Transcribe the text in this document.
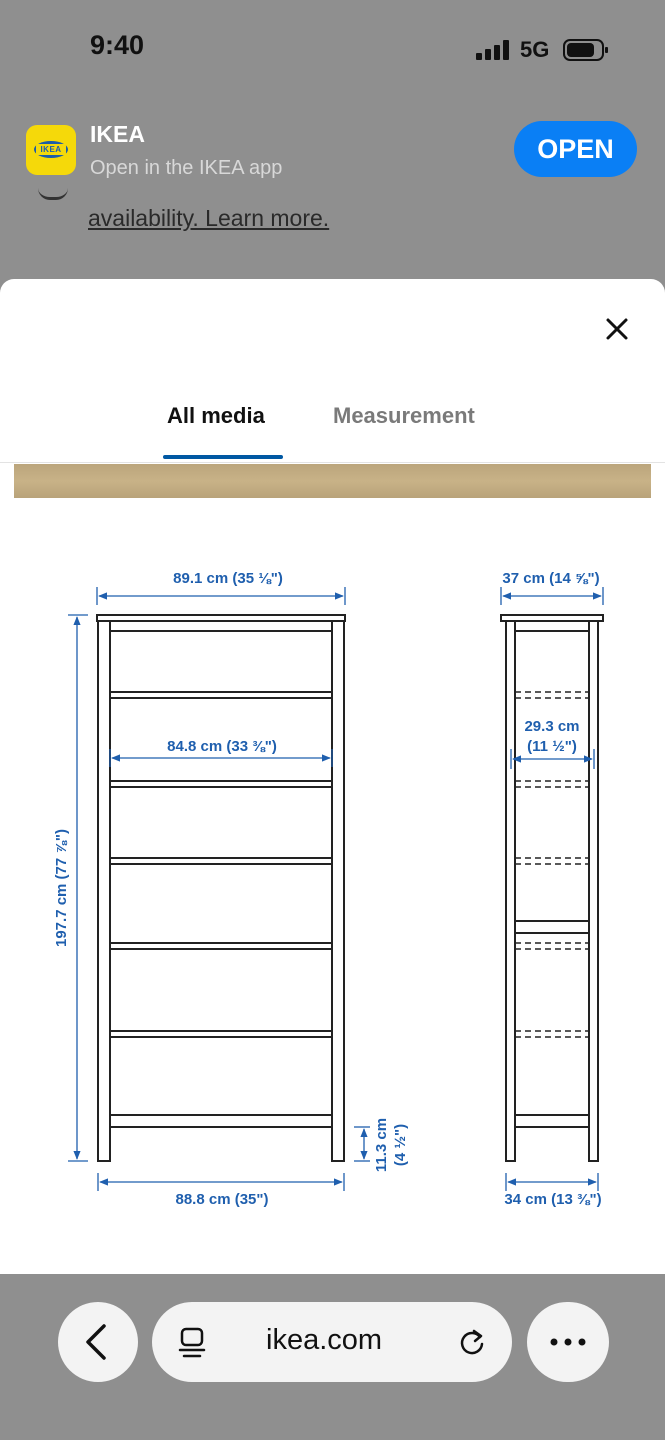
9:40	5G
IKEA
IKEA
Open in the IKEA app
OPEN
availability. Learn more.
All media	Measurement
89.1 cm (35 ⅛")
84.8 cm (33 ⅜")
197.7 cm (77 ⅞")
11.3 cm (4 ½")
88.8 cm (35")
37 cm (14 ⅝")
29.3 cm
(11 ½")
34 cm (13 ⅜")
ikea.com
